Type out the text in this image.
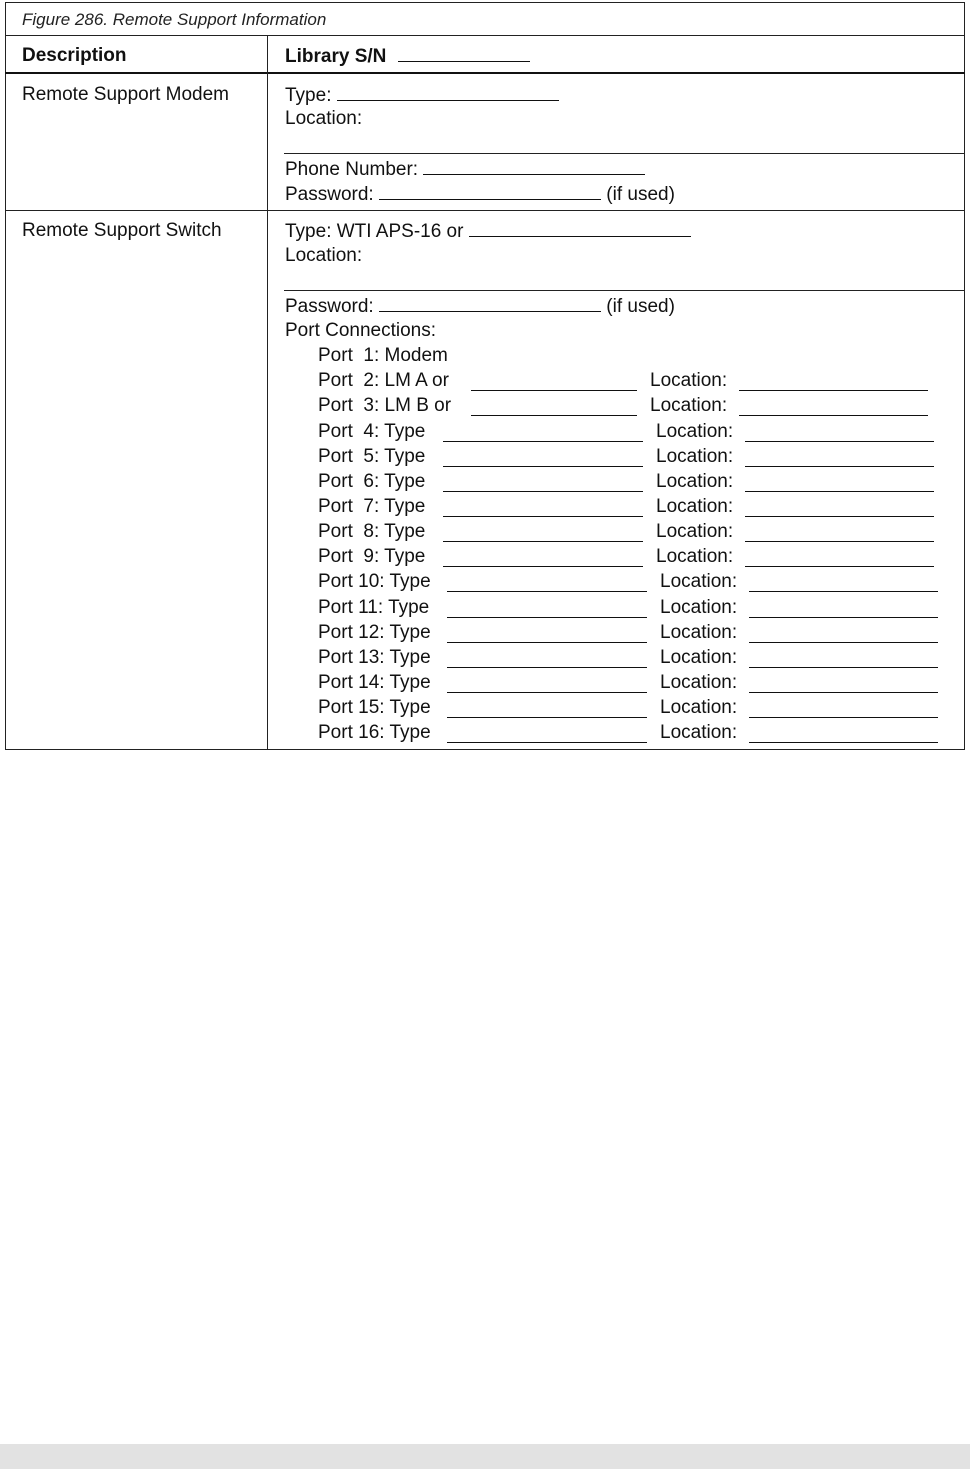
Figure 286. Remote Support Information
Description	Library S/N
Remote Support Modem	Type:
Location:
Phone Number:
Password:	(if used)
Remote Support Switch	Type: WTI APS-16 or
Location:
Password:	(if used)
Port Connections:
Port  1: Modem
Port  2: LM A or	Location:
Port  3: LM B or	Location:
Port  4: Type	Location:
Port  5: Type	Location:
Port  6: Type	Location:
Port  7: Type	Location:
Port  8: Type	Location:
Port  9: Type	Location:
Port 10: Type	Location:
Port 11: Type	Location:
Port 12: Type	Location:
Port 13: Type	Location:
Port 14: Type	Location:
Port 15: Type	Location:
Port 16: Type	Location:
